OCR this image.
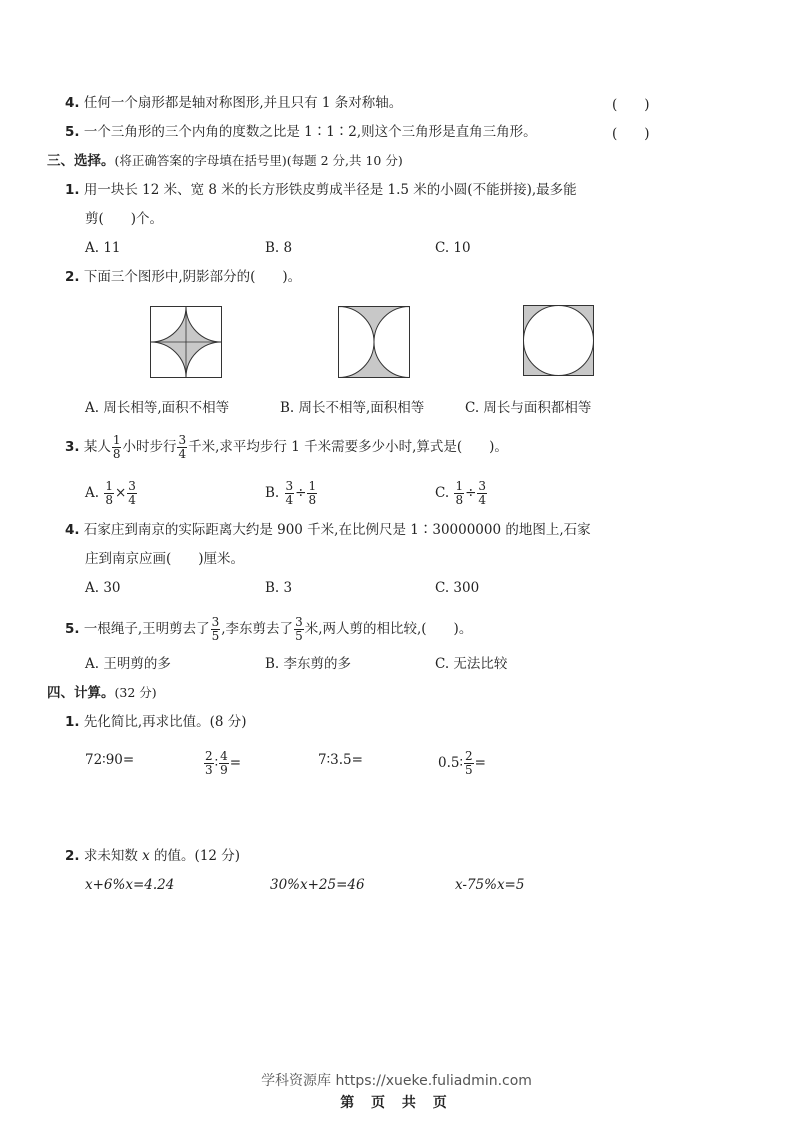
4. 任何一个扇形都是轴对称图形,并且只有 1 条对称轴。	(　　)
5. 一个三角形的三个内角的度数之比是 1∶1∶2,则这个三角形是直角三角形。	(　　)
三、选择。(将正确答案的字母填在括号里)(每题 2 分,共 10 分)
1. 用一块长 12 米、宽 8 米的长方形铁皮剪成半径是 1.5 米的小圆(不能拼接),最多能
剪(　　)个。
A. 11	B. 8	C. 10
2. 下面三个图形中,阴影部分的(　　)。
A. 周长相等,面积不相等	B. 周长不相等,面积相等	C. 周长与面积都相等
3. 某人 $\frac{1}{8}$ 小时步行 $\frac{3}{4}$ 千米,求平均步行 1 千米需要多少小时,算式是(　　)。
A. $\frac{1}{8} \times \frac{3}{4}$	B. $\frac{3}{4} \div \frac{1}{8}$	C. $\frac{1}{8} \div \frac{3}{4}$
4. 石家庄到南京的实际距离大约是 900 千米,在比例尺是 1∶30000000 的地图上,石家
庄到南京应画(　　)厘米。
A. 30	B. 3	C. 300
5. 一根绳子,王明剪去了 $\frac{3}{5}$ ,李东剪去了 $\frac{3}{5}$ 米,两人剪的相比较,(　　)。
A. 王明剪的多	B. 李东剪的多	C. 无法比较
四、计算。(32 分)
1. 先化简比,再求比值。(8 分)
72∶90=	$\frac{2}{3}$ ∶ $\frac{4}{9}$ =	7∶3.5=	0.5∶ $\frac{2}{5}$ =
2. 求未知数 x 的值。(12 分)
x+6%x=4.24	30%x+25=46	x-75%x=5
学科资源库 https://xueke.fuliadmin.com
第 页 共 页
